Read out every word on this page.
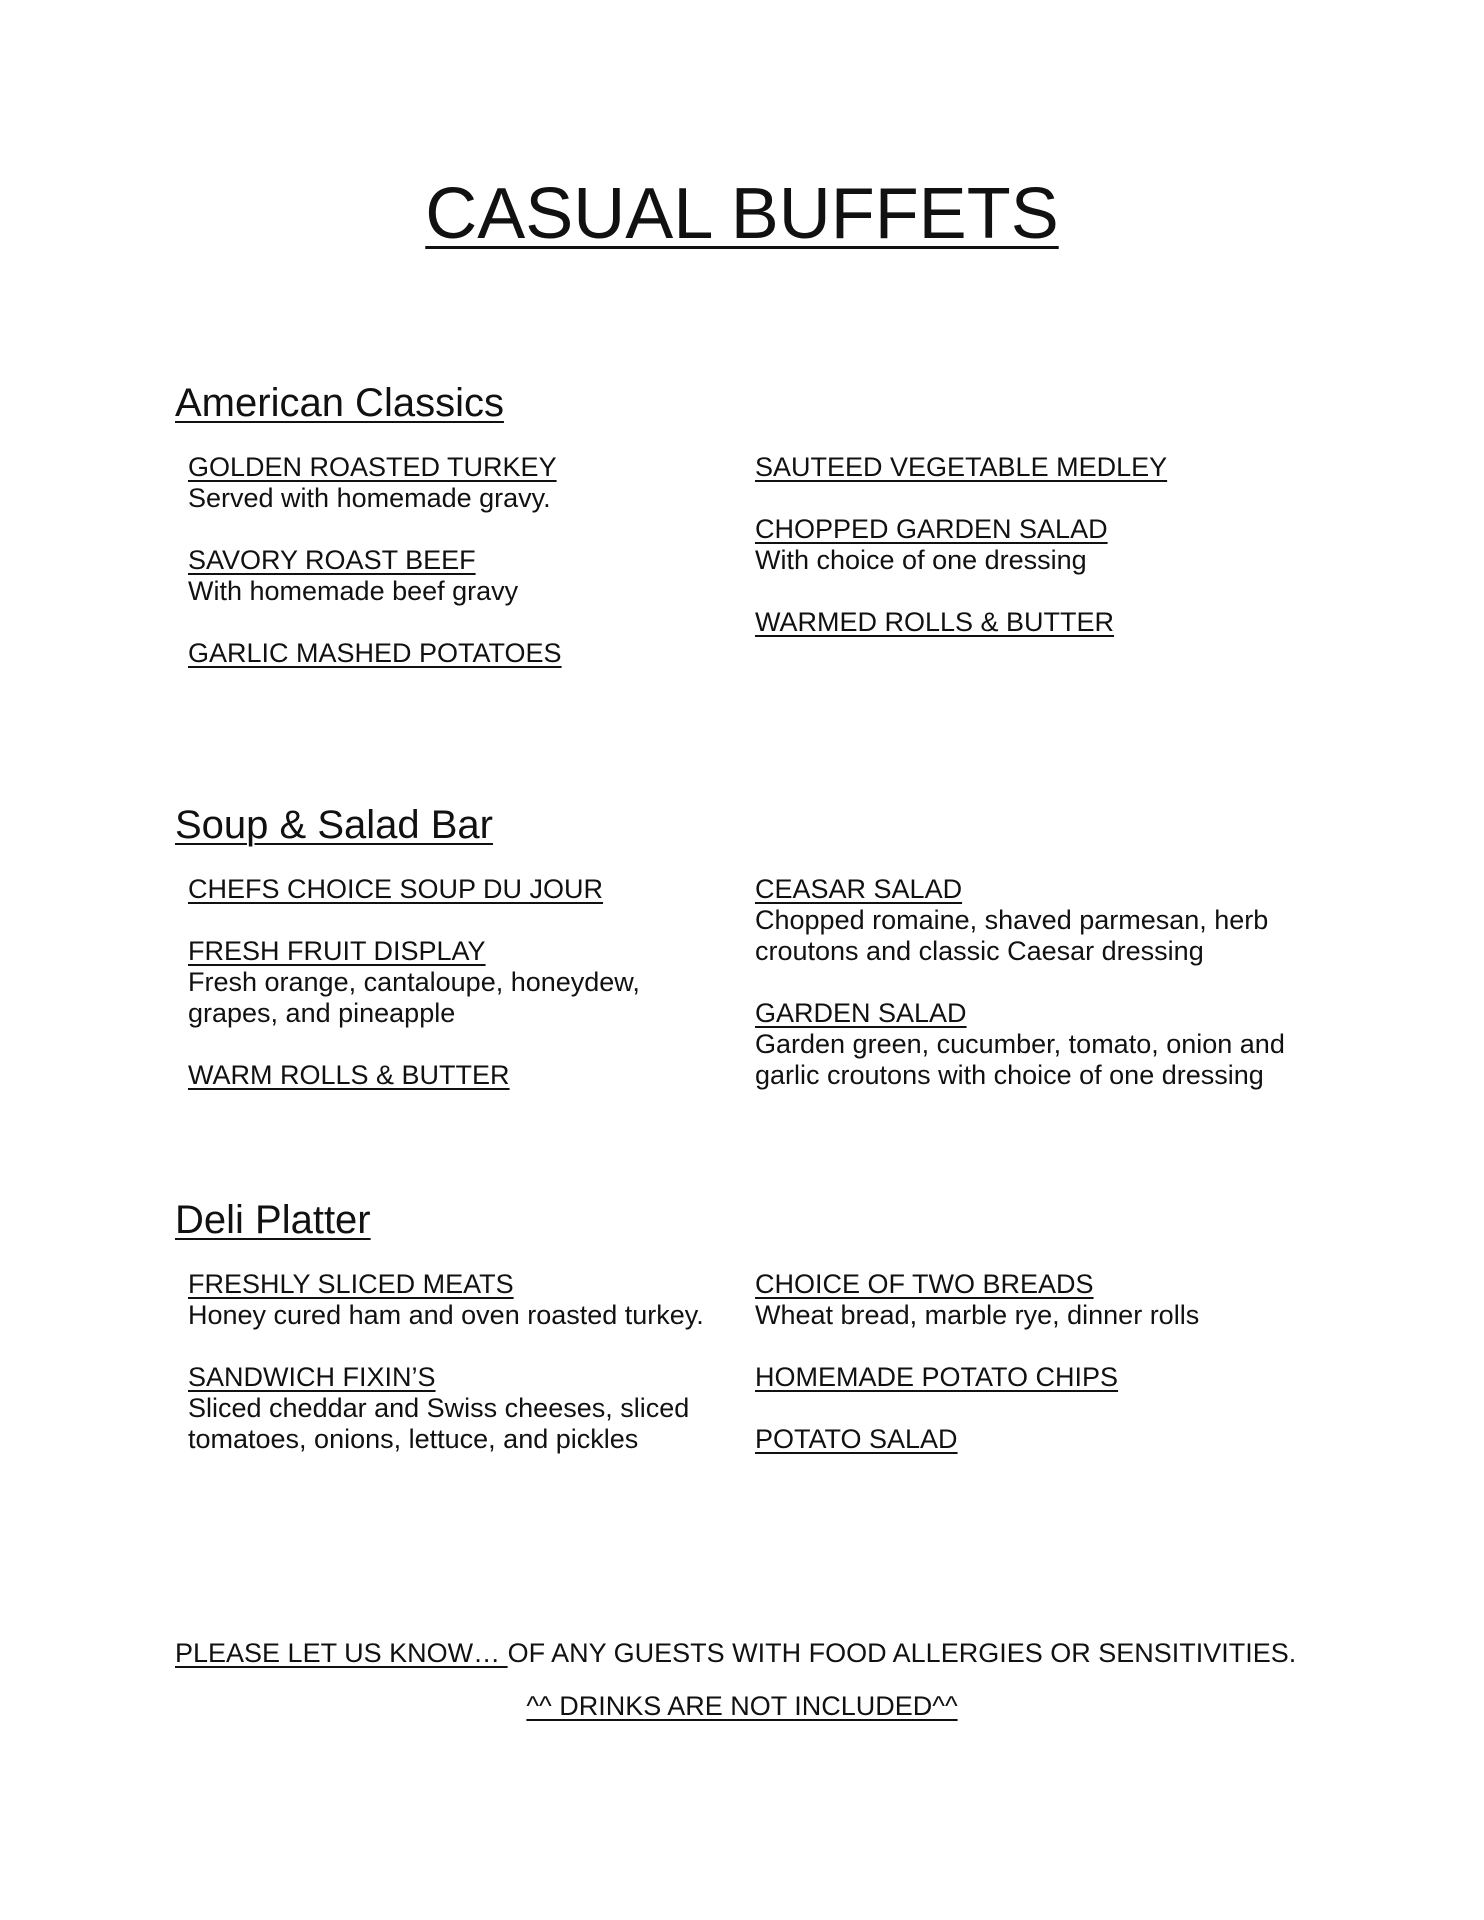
CASUAL BUFFETS
American Classics
GOLDEN ROASTED TURKEY
Served with homemade gravy.
SAVORY ROAST BEEF
With homemade beef gravy
GARLIC MASHED POTATOES
SAUTEED VEGETABLE MEDLEY
CHOPPED GARDEN SALAD
With choice of one dressing
WARMED ROLLS & BUTTER
Soup & Salad Bar
CHEFS CHOICE SOUP DU JOUR
FRESH FRUIT DISPLAY
Fresh orange, cantaloupe, honeydew,
grapes, and pineapple
WARM ROLLS & BUTTER
CEASAR SALAD
Chopped romaine, shaved parmesan, herb
croutons and classic Caesar dressing
GARDEN SALAD
Garden green, cucumber, tomato, onion and
garlic croutons with choice of one dressing
Deli Platter
FRESHLY SLICED MEATS
Honey cured ham and oven roasted turkey.
SANDWICH FIXIN’S
Sliced cheddar and Swiss cheeses, sliced
tomatoes, onions, lettuce, and pickles
CHOICE OF TWO BREADS
Wheat bread, marble rye, dinner rolls
HOMEMADE POTATO CHIPS
POTATO SALAD
PLEASE LET US KNOW… OF ANY GUESTS WITH FOOD ALLERGIES OR SENSITIVITIES.
^^ DRINKS ARE NOT INCLUDED^^
